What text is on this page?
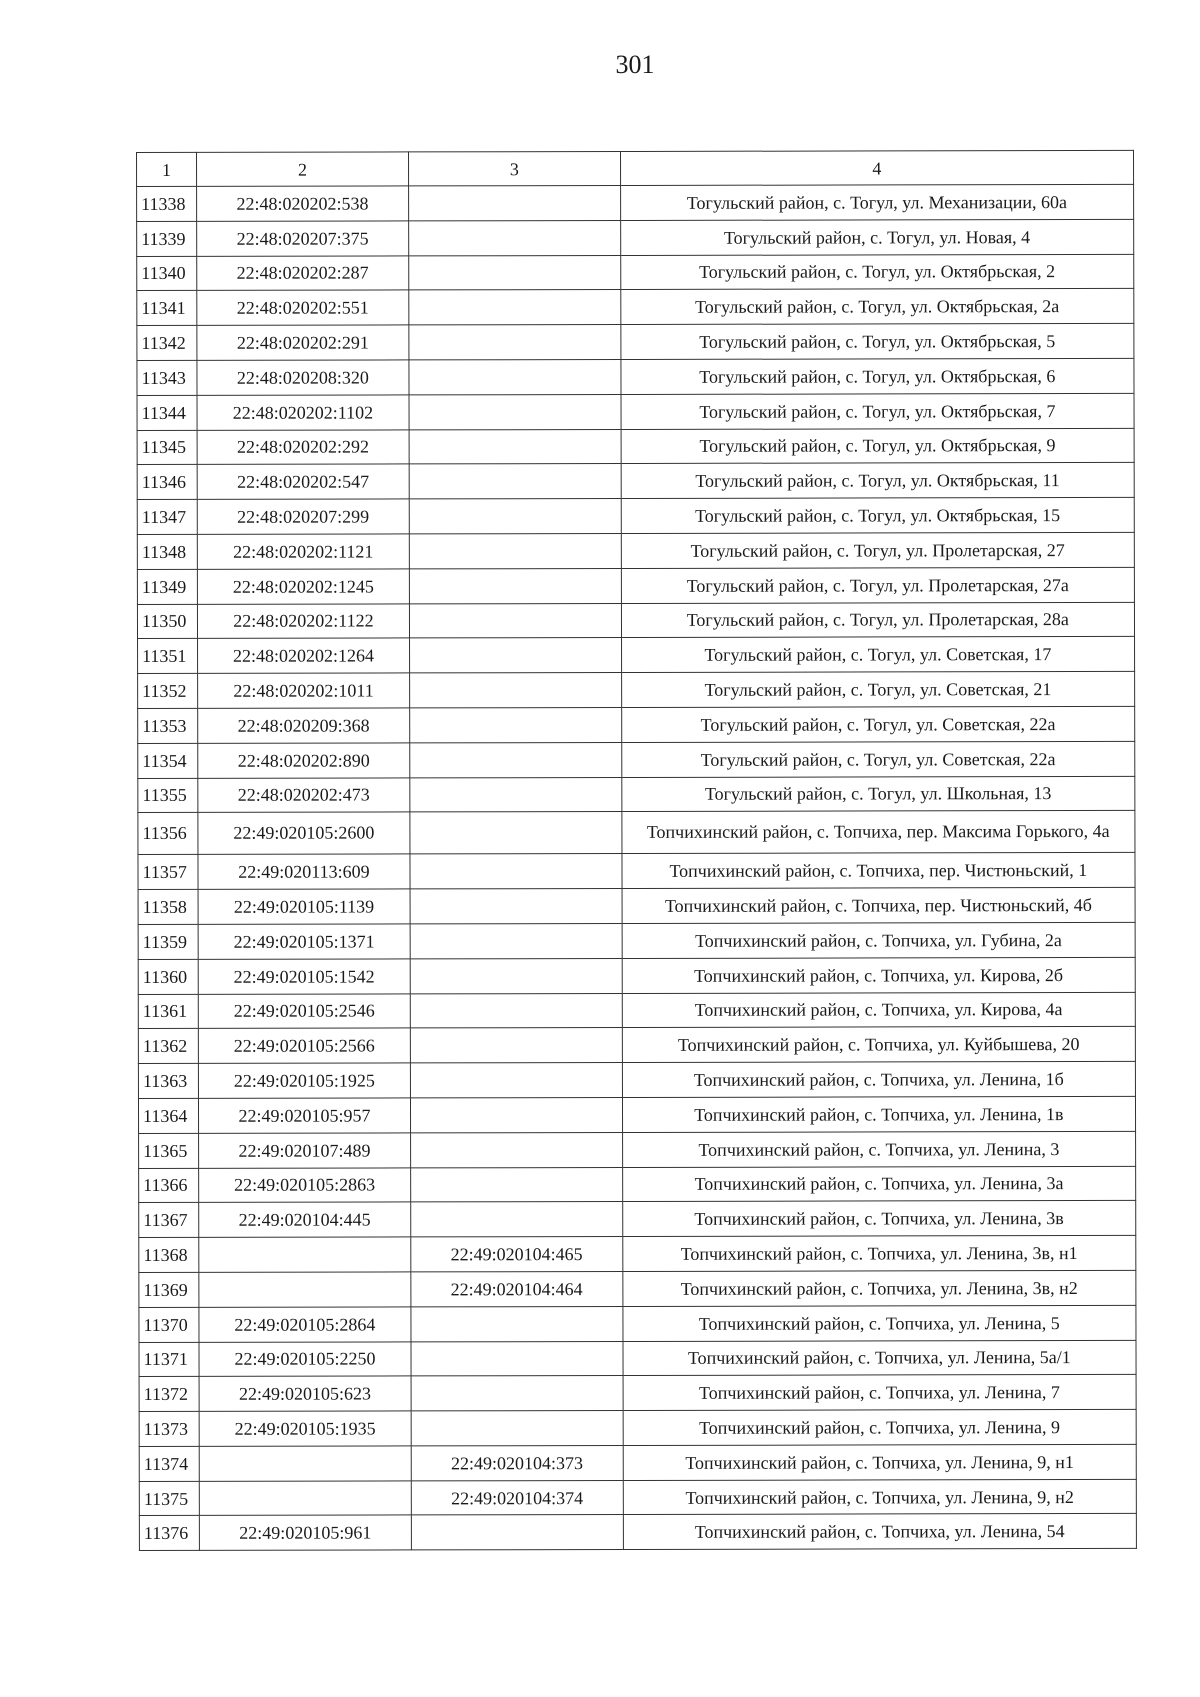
301
1	2	3	4
11338	22:48:020202:538		Тогульский район, с. Тогул, ул. Механизации, 60а
11339	22:48:020207:375		Тогульский район, с. Тогул, ул. Новая, 4
11340	22:48:020202:287		Тогульский район, с. Тогул, ул. Октябрьская, 2
11341	22:48:020202:551		Тогульский район, с. Тогул, ул. Октябрьская, 2а
11342	22:48:020202:291		Тогульский район, с. Тогул, ул. Октябрьская, 5
11343	22:48:020208:320		Тогульский район, с. Тогул, ул. Октябрьская, 6
11344	22:48:020202:1102		Тогульский район, с. Тогул, ул. Октябрьская, 7
11345	22:48:020202:292		Тогульский район, с. Тогул, ул. Октябрьская, 9
11346	22:48:020202:547		Тогульский район, с. Тогул, ул. Октябрьская, 11
11347	22:48:020207:299		Тогульский район, с. Тогул, ул. Октябрьская, 15
11348	22:48:020202:1121		Тогульский район, с. Тогул, ул. Пролетарская, 27
11349	22:48:020202:1245		Тогульский район, с. Тогул, ул. Пролетарская, 27а
11350	22:48:020202:1122		Тогульский район, с. Тогул, ул. Пролетарская, 28а
11351	22:48:020202:1264		Тогульский район, с. Тогул, ул. Советская, 17
11352	22:48:020202:1011		Тогульский район, с. Тогул, ул. Советская, 21
11353	22:48:020209:368		Тогульский район, с. Тогул, ул. Советская, 22а
11354	22:48:020202:890		Тогульский район, с. Тогул, ул. Советская, 22а
11355	22:48:020202:473		Тогульский район, с. Тогул, ул. Школьная, 13
11356	22:49:020105:2600		Топчихинский район, с. Топчиха, пер. Максима Горького, 4а
11357	22:49:020113:609		Топчихинский район, с. Топчиха, пер. Чистюньский, 1
11358	22:49:020105:1139		Топчихинский район, с. Топчиха, пер. Чистюньский, 4б
11359	22:49:020105:1371		Топчихинский район, с. Топчиха, ул. Губина, 2а
11360	22:49:020105:1542		Топчихинский район, с. Топчиха, ул. Кирова, 2б
11361	22:49:020105:2546		Топчихинский район, с. Топчиха, ул. Кирова, 4а
11362	22:49:020105:2566		Топчихинский район, с. Топчиха, ул. Куйбышева, 20
11363	22:49:020105:1925		Топчихинский район, с. Топчиха, ул. Ленина, 1б
11364	22:49:020105:957		Топчихинский район, с. Топчиха, ул. Ленина, 1в
11365	22:49:020107:489		Топчихинский район, с. Топчиха, ул. Ленина, 3
11366	22:49:020105:2863		Топчихинский район, с. Топчиха, ул. Ленина, 3а
11367	22:49:020104:445		Топчихинский район, с. Топчиха, ул. Ленина, 3в
11368		22:49:020104:465	Топчихинский район, с. Топчиха, ул. Ленина, 3в, н1
11369		22:49:020104:464	Топчихинский район, с. Топчиха, ул. Ленина, 3в, н2
11370	22:49:020105:2864		Топчихинский район, с. Топчиха, ул. Ленина, 5
11371	22:49:020105:2250		Топчихинский район, с. Топчиха, ул. Ленина, 5а/1
11372	22:49:020105:623		Топчихинский район, с. Топчиха, ул. Ленина, 7
11373	22:49:020105:1935		Топчихинский район, с. Топчиха, ул. Ленина, 9
11374		22:49:020104:373	Топчихинский район, с. Топчиха, ул. Ленина, 9, н1
11375		22:49:020104:374	Топчихинский район, с. Топчиха, ул. Ленина, 9, н2
11376	22:49:020105:961		Топчихинский район, с. Топчиха, ул. Ленина, 54
